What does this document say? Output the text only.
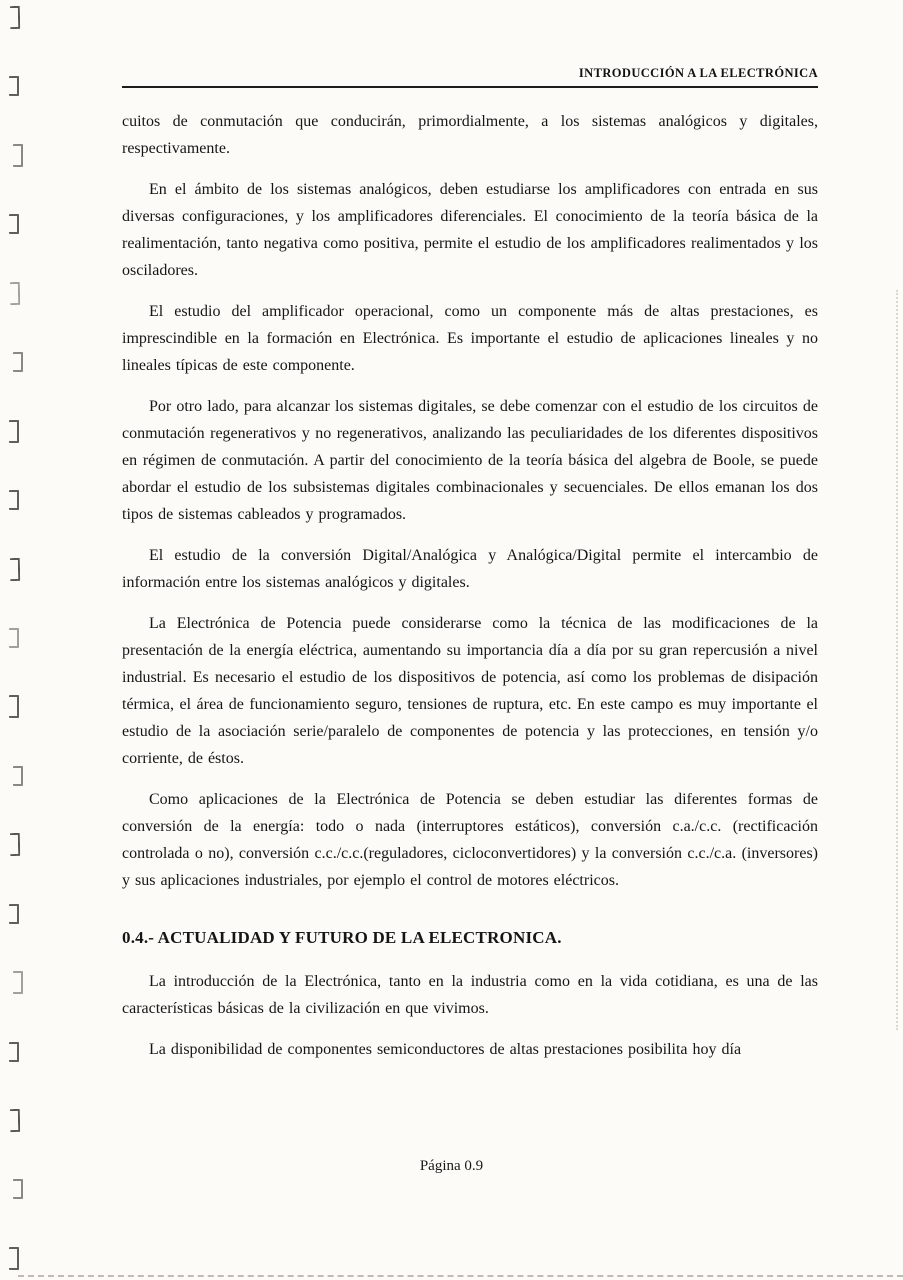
INTRODUCCIÓN A LA ELECTRÓNICA

cuitos de conmutación que conducirán, primordialmente, a los sistemas analógicos y digitales, respectivamente.

En el ámbito de los sistemas analógicos, deben estudiarse los amplificadores con entrada en sus diversas configuraciones, y los amplificadores diferenciales. El conocimiento de la teoría básica de la realimentación, tanto negativa como positiva, permite el estudio de los amplificadores realimentados y los osciladores.

El estudio del amplificador operacional, como un componente más de altas prestaciones, es imprescindible en la formación en Electrónica. Es importante el estudio de aplicaciones lineales y no lineales típicas de este componente.

Por otro lado, para alcanzar los sistemas digitales, se debe comenzar con el estudio de los circuitos de conmutación regenerativos y no regenerativos, analizando las peculiaridades de los diferentes dispositivos en régimen de conmutación. A partir del conocimiento de la teoría básica del algebra de Boole, se puede abordar el estudio de los subsistemas digitales combinacionales y secuenciales. De ellos emanan los dos tipos de sistemas cableados y programados.

El estudio de la conversión Digital/Analógica y Analógica/Digital permite el intercambio de información entre los sistemas analógicos y digitales.

La Electrónica de Potencia puede considerarse como la técnica de las modificaciones de la presentación de la energía eléctrica, aumentando su importancia día a día por su gran repercusión a nivel industrial. Es necesario el estudio de los dispositivos de potencia, así como los problemas de disipación térmica, el área de funcionamiento seguro, tensiones de ruptura, etc. En este campo es muy importante el estudio de la asociación serie/paralelo de componentes de potencia y las protecciones, en tensión y/o corriente, de éstos.

Como aplicaciones de la Electrónica de Potencia se deben estudiar las diferentes formas de conversión de la energía: todo o nada (interruptores estáticos), conversión c.a./c.c. (rectificación controlada o no), conversión c.c./c.c.(reguladores, cicloconvertidores) y la conversión c.c./c.a. (inversores) y sus aplicaciones industriales, por ejemplo el control de motores eléctricos.

0.4.- ACTUALIDAD Y FUTURO DE LA ELECTRONICA.

La introducción de la Electrónica, tanto en la industria como en la vida cotidiana, es una de las características básicas de la civilización en que vivimos.

La disponibilidad de componentes semiconductores de altas prestaciones posibilita hoy día

Página 0.9
